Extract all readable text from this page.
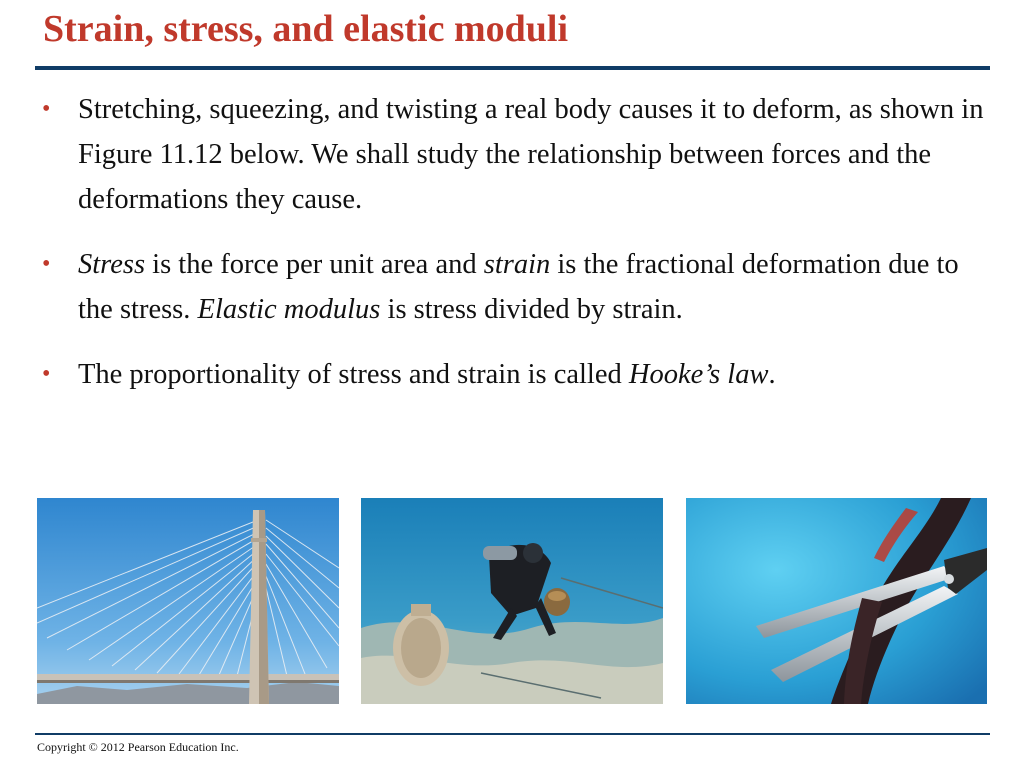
Strain, stress, and elastic moduli
• Stretching, squeezing, and twisting a real body causes it to deform, as shown in Figure 11.12 below. We shall study the relationship between forces and the deformations they cause.
• Stress is the force per unit area and strain is the fractional deformation due to the stress. Elastic modulus is stress divided by strain.
• The proportionality of stress and strain is called Hooke’s law.
Copyright © 2012 Pearson Education Inc.
